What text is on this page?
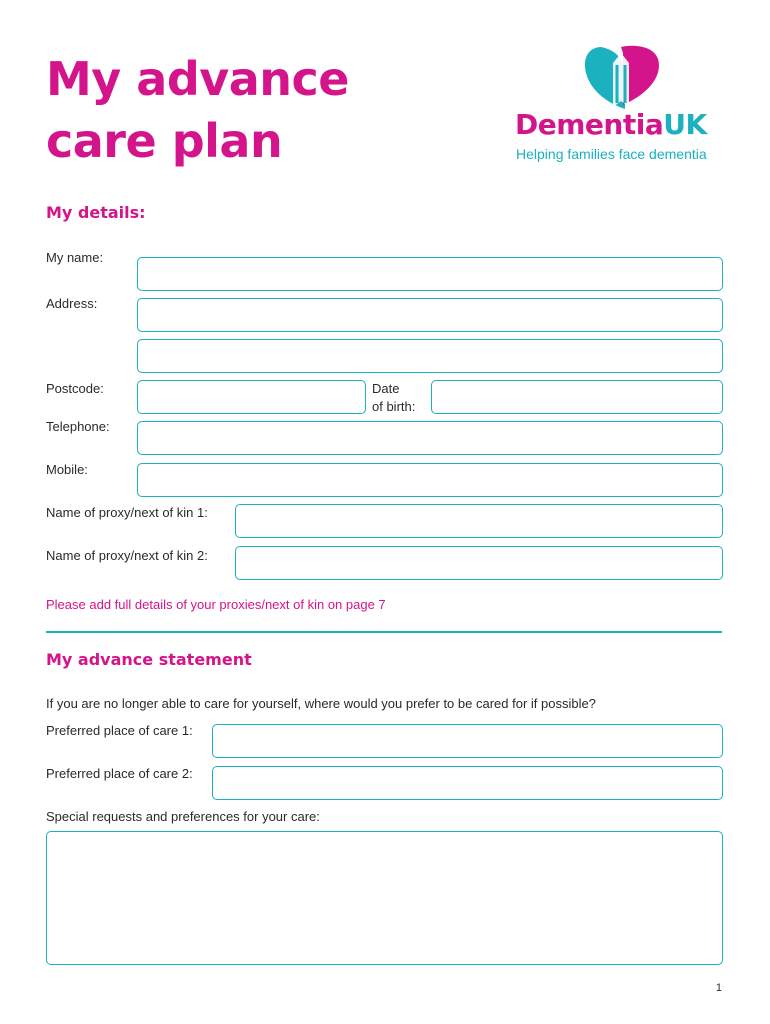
My advance
care plan	DementiaUK
Helping families face dementia
My details:
My name:
Address:
Postcode:	Date
of birth:
Telephone:
Mobile:
Name of proxy/next of kin 1:
Name of proxy/next of kin 2:
Please add full details of your proxies/next of kin on page 7
My advance statement
If you are no longer able to care for yourself, where would you prefer to be cared for if possible?
Preferred place of care 1:
Preferred place of care 2:
Special requests and preferences for your care:
1
